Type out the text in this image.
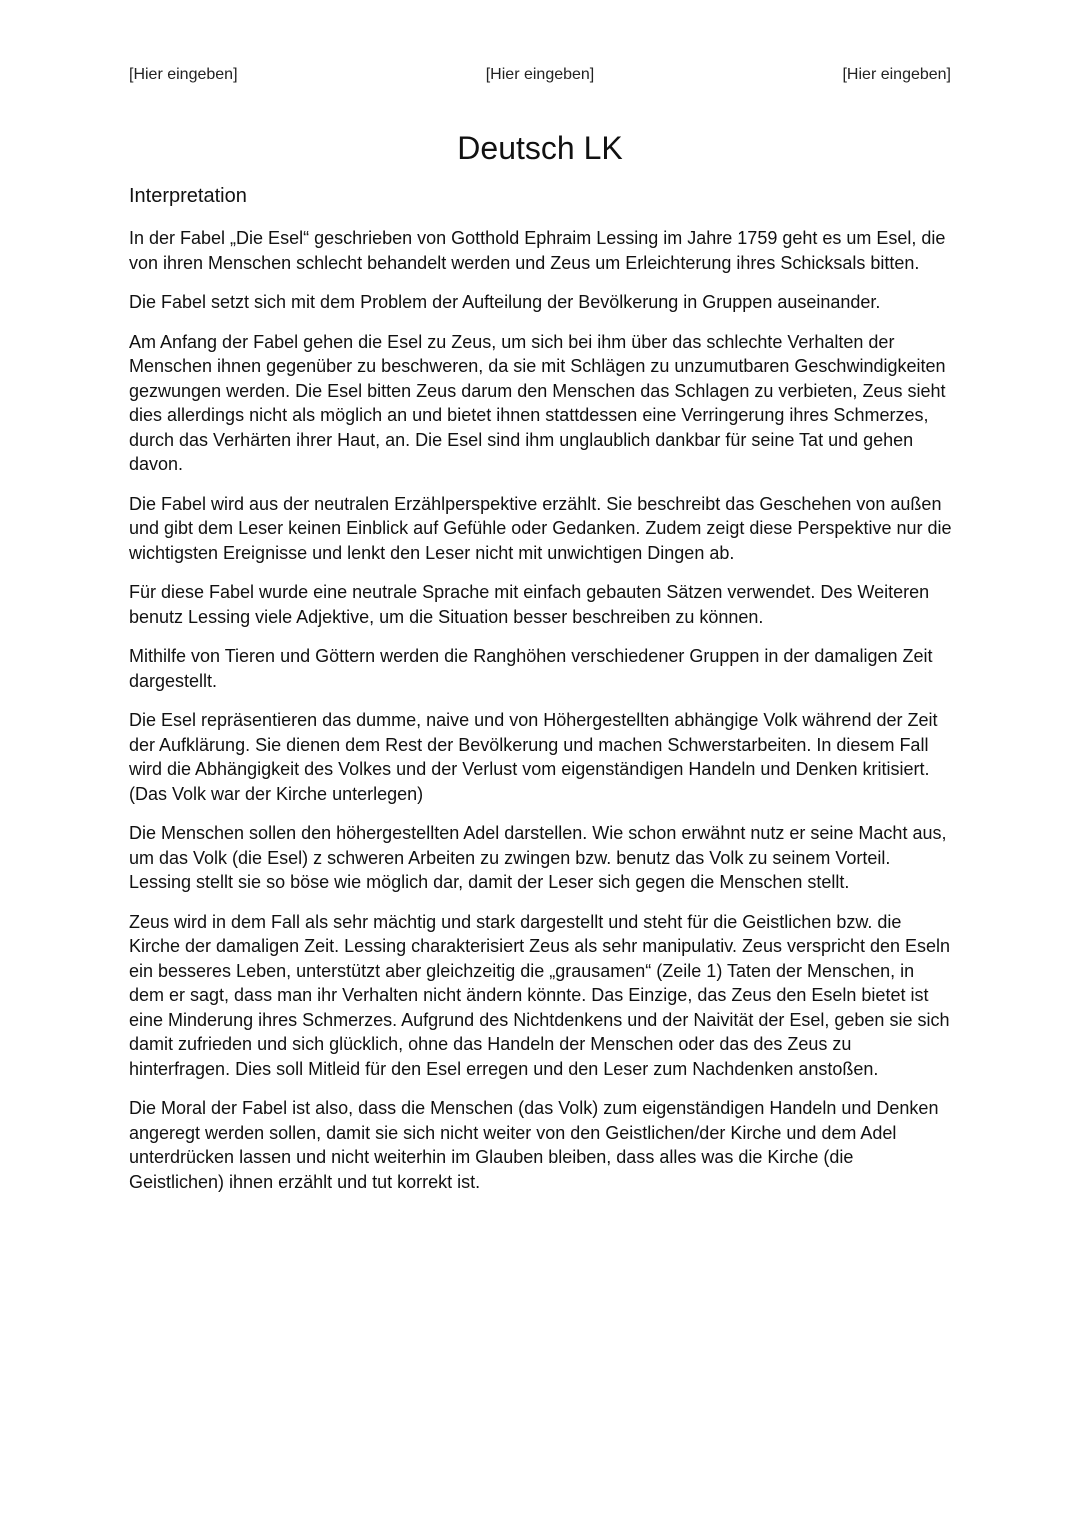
[Hier eingeben]	[Hier eingeben]	[Hier eingeben]
Deutsch LK
Interpretation

In der Fabel „Die Esel“ geschrieben von Gotthold Ephraim Lessing im Jahre 1759 geht es um Esel, die von ihren Menschen schlecht behandelt werden und Zeus um Erleichterung ihres Schicksals bitten.

Die Fabel setzt sich mit dem Problem der Aufteilung der Bevölkerung in Gruppen auseinander.

Am Anfang der Fabel gehen die Esel zu Zeus, um sich bei ihm über das schlechte Verhalten der Menschen ihnen gegenüber zu beschweren, da sie mit Schlägen zu unzumutbaren Geschwindigkeiten gezwungen werden. Die Esel bitten Zeus darum den Menschen das Schlagen zu verbieten, Zeus sieht dies allerdings nicht als möglich an und bietet ihnen stattdessen eine Verringerung ihres Schmerzes, durch das Verhärten ihrer Haut, an. Die Esel sind ihm unglaublich dankbar für seine Tat und gehen davon.

Die Fabel wird aus der neutralen Erzählperspektive erzählt. Sie beschreibt das Geschehen von außen und gibt dem Leser keinen Einblick auf Gefühle oder Gedanken. Zudem zeigt diese Perspektive nur die wichtigsten Ereignisse und lenkt den Leser nicht mit unwichtigen Dingen ab.

Für diese Fabel wurde eine neutrale Sprache mit einfach gebauten Sätzen verwendet. Des Weiteren benutz Lessing viele Adjektive, um die Situation besser beschreiben zu können.

Mithilfe von Tieren und Göttern werden die Ranghöhen verschiedener Gruppen in der damaligen Zeit dargestellt.

Die Esel repräsentieren das dumme, naive und von Höhergestellten abhängige Volk während der Zeit der Aufklärung. Sie dienen dem Rest der Bevölkerung und machen Schwerstarbeiten. In diesem Fall wird die Abhängigkeit des Volkes und der Verlust vom eigenständigen Handeln und Denken kritisiert. (Das Volk war der Kirche unterlegen)

Die Menschen sollen den höhergestellten Adel darstellen. Wie schon erwähnt nutz er seine Macht aus, um das Volk (die Esel) z schweren Arbeiten zu zwingen bzw. benutz das Volk zu seinem Vorteil. Lessing stellt sie so böse wie möglich dar, damit der Leser sich gegen die Menschen stellt.

Zeus wird in dem Fall als sehr mächtig und stark dargestellt und steht für die Geistlichen bzw. die Kirche der damaligen Zeit. Lessing charakterisiert Zeus als sehr manipulativ. Zeus verspricht den Eseln ein besseres Leben, unterstützt aber gleichzeitig die „grausamen“ (Zeile 1) Taten der Menschen, in dem er sagt, dass man ihr Verhalten nicht ändern könnte. Das Einzige, das Zeus den Eseln bietet ist eine Minderung ihres Schmerzes. Aufgrund des Nichtdenkens und der Naivität der Esel, geben sie sich damit zufrieden und sich glücklich, ohne das Handeln der Menschen oder das des Zeus zu hinterfragen. Dies soll Mitleid für den Esel erregen und den Leser zum Nachdenken anstoßen.

Die Moral der Fabel ist also, dass die Menschen (das Volk) zum eigenständigen Handeln und Denken angeregt werden sollen, damit sie sich nicht weiter von den Geistlichen/der Kirche und dem Adel unterdrücken lassen und nicht weiterhin im Glauben bleiben, dass alles was die Kirche (die Geistlichen) ihnen erzählt und tut korrekt ist.
